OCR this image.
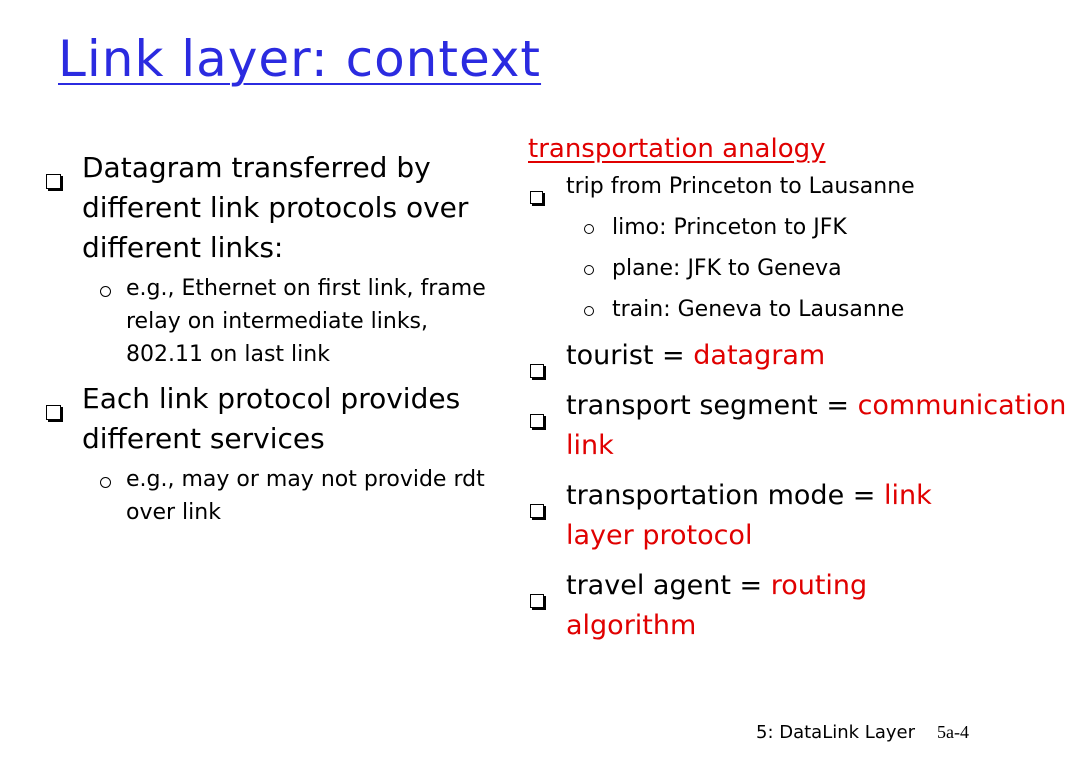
Link layer: context
Datagram transferred by different link protocols over different links:
e.g., Ethernet on first link, frame relay on intermediate links, 802.11 on last link
Each link protocol provides different services
e.g., may or may not provide rdt over link
transportation analogy
trip from Princeton to Lausanne
limo: Princeton to JFK
plane: JFK to Geneva
train: Geneva to Lausanne
tourist = datagram
transport segment = communication link
transportation mode = link layer protocol
travel agent = routing algorithm
5: DataLink Layer 5a-4
